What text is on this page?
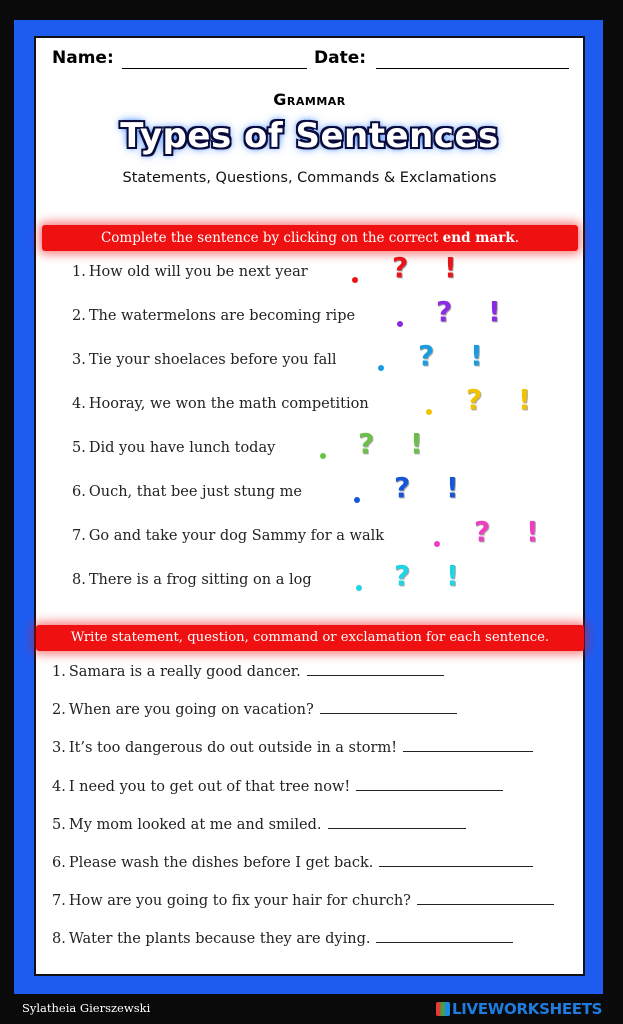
Name:	Date:
Grammar
Types of Sentences
Statements, Questions, Commands & Exclamations
Complete the sentence by clicking on the correct end mark.
1. How old will you be next year	? !
2. The watermelons are becoming ripe	? !
3. Tie your shoelaces before you fall	? !
4. Hooray, we won the math competition	? !
5. Did you have lunch today	? !
6. Ouch, that bee just stung me	? !
7. Go and take your dog Sammy for a walk	? !
8. There is a frog sitting on a log	? !
Write statement, question, command or exclamation for each sentence.
1. Samara is a really good dancer.
2. When are you going on vacation?
3. It’s too dangerous do out outside in a storm!
4. I need you to get out of that tree now!
5. My mom looked at me and smiled.
6. Please wash the dishes before I get back.
7. How are you going to fix your hair for church?
8. Water the plants because they are dying.
Sylatheia Gierszewski	LIVEWORKSHEETS
